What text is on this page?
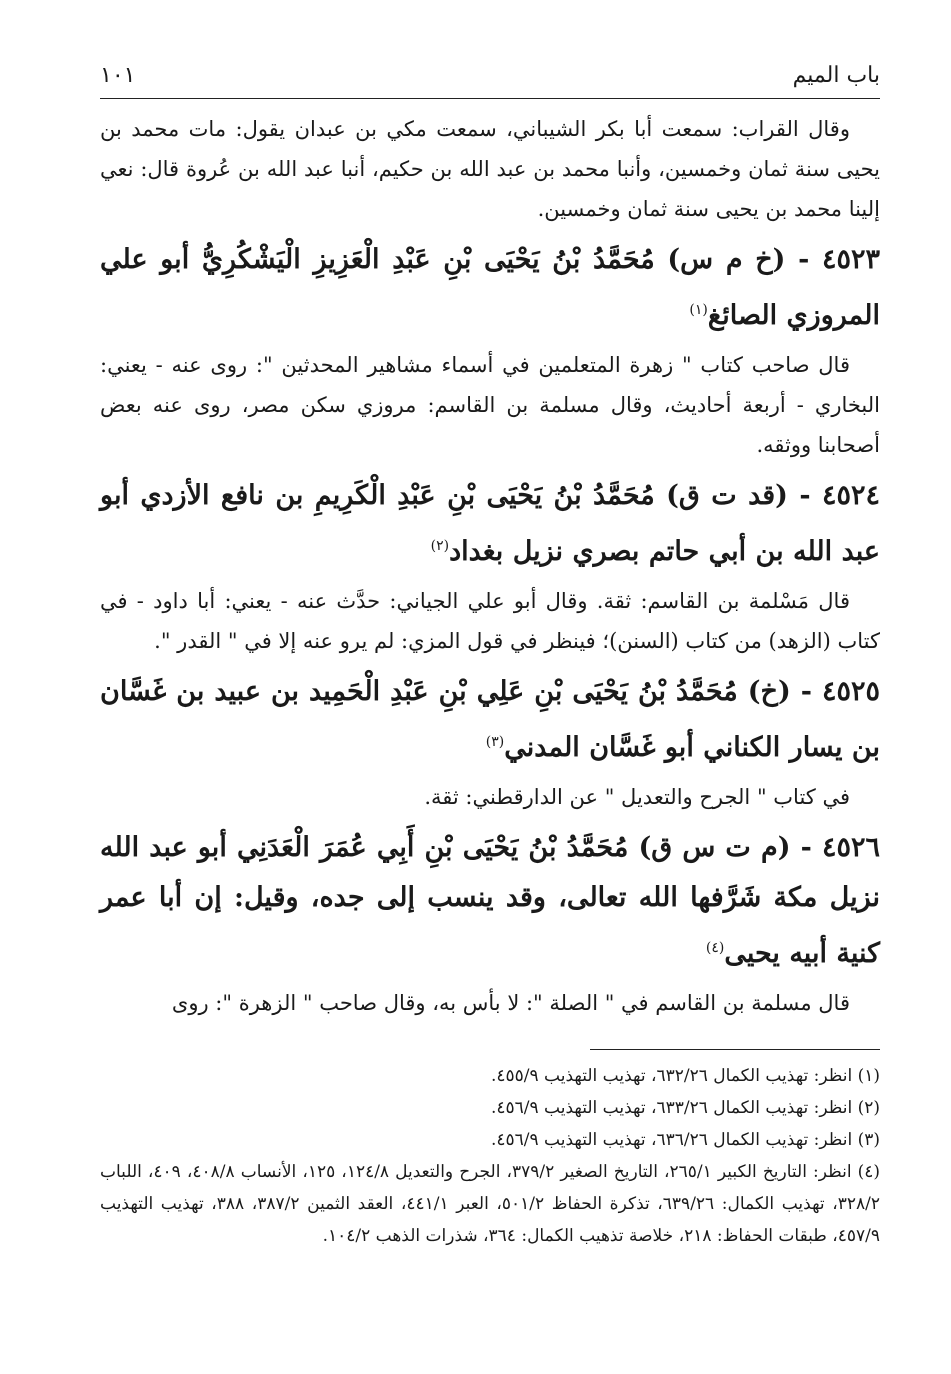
باب الميم
١٠١

وقال القراب: سمعت أبا بكر الشيباني، سمعت مكي بن عبدان يقول: مات محمد بن يحيى سنة ثمان وخمسين، وأنبا محمد بن عبد الله بن حكيم، أنبا عبد الله بن عُروة قال: نعي إلينا محمد بن يحيى سنة ثمان وخمسين.

٤٥٢٣ - (خ م س) مُحَمَّدُ بْنُ يَحْيَى بْنِ عَبْدِ الْعَزِيزِ الْيَشْكُرِيُّ أبو علي المروزي الصائغ$^{(١)}$

قال صاحب كتاب " زهرة المتعلمين في أسماء مشاهير المحدثين ": روى عنه - يعني: البخاري - أربعة أحاديث، وقال مسلمة بن القاسم: مروزي سكن مصر، روى عنه بعض أصحابنا ووثقه.

٤٥٢٤ - (قد ت ق) مُحَمَّدُ بْنُ يَحْيَى بْنِ عَبْدِ الْكَرِيمِ بن نافع الأزدي أبو عبد الله بن أبي حاتم بصري نزيل بغداد$^{(٢)}$

قال مَسْلمة بن القاسم: ثقة. وقال أبو علي الجياني: حدَّث عنه - يعني: أبا داود - في كتاب (الزهد) من كتاب (السنن)؛ فينظر في قول المزي: لم يرو عنه إلا في " القدر ".

٤٥٢٥ - (خ) مُحَمَّدُ بْنُ يَحْيَى بْنِ عَلِي بْنِ عَبْدِ الْحَمِيد بن عبيد بن غَسَّان بن يسار الكناني أبو غَسَّان المدني$^{(٣)}$

في كتاب " الجرح والتعديل " عن الدارقطني: ثقة.

٤٥٢٦ - (م ت س ق) مُحَمَّدُ بْنُ يَحْيَى بْنِ أَبِي عُمَرَ الْعَدَنِي أبو عبد الله نزيل مكة شَرَّفها الله تعالى، وقد ينسب إلى جده، وقيل: إن أبا عمر كنية أبيه يحيى$^{(٤)}$

قال مسلمة بن القاسم في " الصلة ": لا بأس به، وقال صاحب " الزهرة ": روى

(١) انظر: تهذيب الكمال ٦٣٢/٢٦، تهذيب التهذيب ٤٥٥/٩.

(٢) انظر: تهذيب الكمال ٦٣٣/٢٦، تهذيب التهذيب ٤٥٦/٩.

(٣) انظر: تهذيب الكمال ٦٣٦/٢٦، تهذيب التهذيب ٤٥٦/٩.

(٤) انظر: التاريخ الكبير ٢٦٥/١، التاريخ الصغير ٣٧٩/٢، الجرح والتعديل ١٢٤/٨، ١٢٥، الأنساب ٤٠٨/٨، ٤٠٩، اللباب ٣٢٨/٢، تهذيب الكمال: ٦٣٩/٢٦، تذكرة الحفاظ ٥٠١/٢، العبر ٤٤١/١، العقد الثمين ٣٨٧/٢، ٣٨٨، تهذيب التهذيب ٤٥٧/٩، طبقات الحفاظ: ٢١٨، خلاصة تذهيب الكمال: ٣٦٤، شذرات الذهب ١٠٤/٢.
